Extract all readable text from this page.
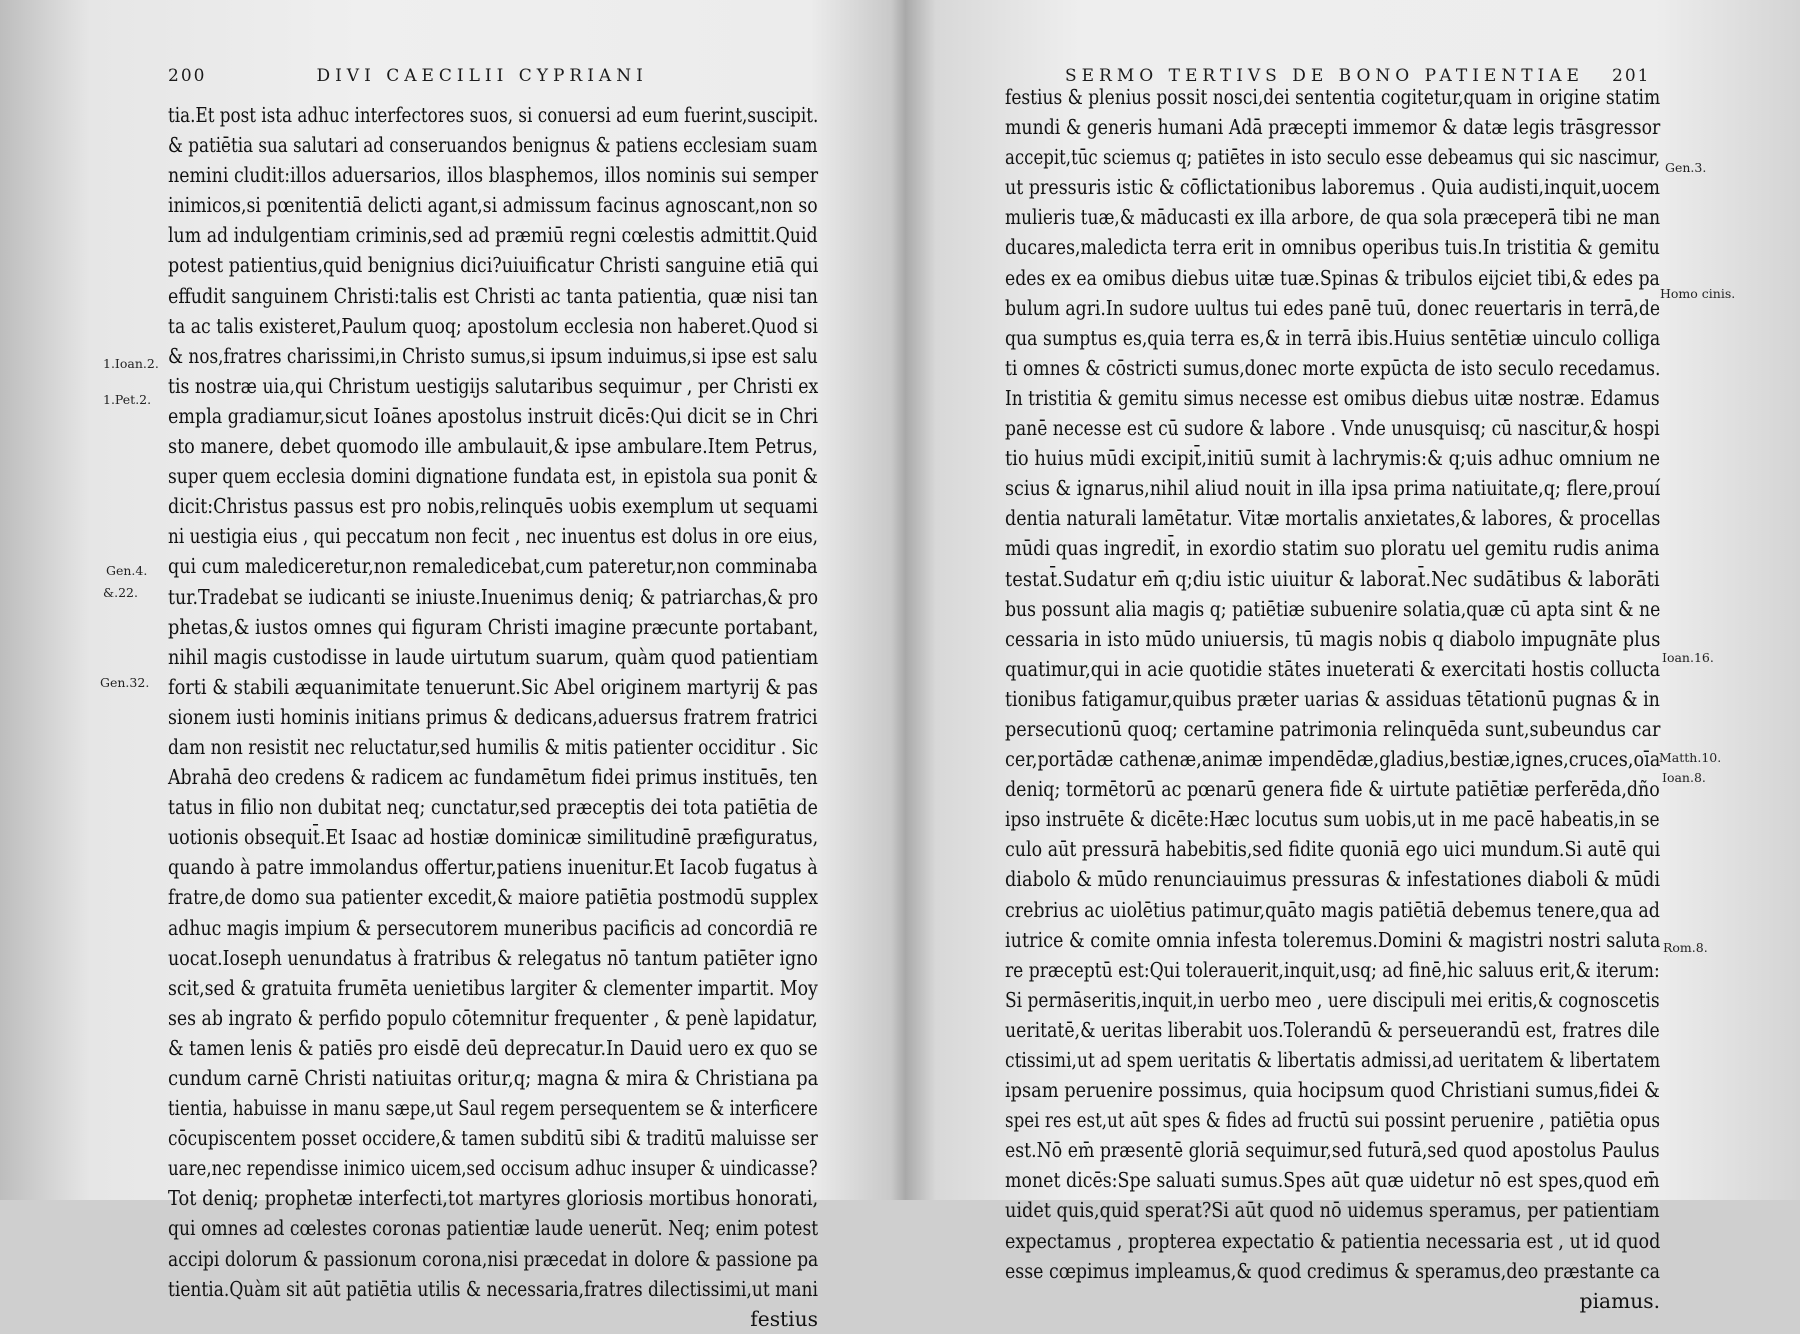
200	DIVI CAECILII CYPRIANI
tia.Et post ista adhuc interfectores suos, si conuersi ad eum fuerint,suscipit.
& patiētia sua salutari ad conseruandos benignus & patiens ecclesiam suam
nemini cludit:illos aduersarios, illos blasphemos, illos nominis sui semper
inimicos,si pœnitentiā delicti agant,si admissum facinus agnoscant,non so
lum ad indulgentiam criminis,sed ad præmiū regni cœlestis admittit.Quid
potest patientius,quid benignius dici?uiuificatur Christi sanguine etiā qui
effudit sanguinem Christi:talis est Christi ac tanta patientia, quæ nisi tan
ta ac talis existeret,Paulum quoq; apostolum ecclesia non haberet.Quod si
& nos,fratres charissimi,in Christo sumus,si ipsum induimus,si ipse est salu
tis nostræ uia,qui Christum uestigijs salutaribus sequimur , per Christi ex
empla gradiamur,sicut Ioānes apostolus instruit dicēs:Qui dicit se in Chri
sto manere, debet quomodo ille ambulauit,& ipse ambulare.Item Petrus,
super quem ecclesia domini dignatione fundata est, in epistola sua ponit &
dicit:Christus passus est pro nobis,relinquēs uobis exemplum ut sequami
ni uestigia eius , qui peccatum non fecit , nec inuentus est dolus in ore eius,
qui cum malediceretur,non remaledicebat,cum pateretur,non comminaba
tur.Tradebat se iudicanti se iniuste.Inuenimus deniq; & patriarchas,& pro
phetas,& iustos omnes qui figuram Christi imagine præcunte portabant,
nihil magis custodisse in laude uirtutum suarum, quàm quod patientiam
forti & stabili æquanimitate tenuerunt.Sic Abel originem martyrij & pas
sionem iusti hominis initians primus & dedicans,aduersus fratrem fratrici
dam non resistit nec reluctatur,sed humilis & mitis patienter occiditur . Sic
Abrahā deo credens & radicem ac fundamētum fidei primus instituēs, ten
tatus in filio non dubitat neq; cunctatur,sed præceptis dei tota patiētia de
uotionis obsequit̄.Et Isaac ad hostiæ dominicæ similitudinē præfiguratus,
quando à patre immolandus offertur,patiens inuenitur.Et Iacob fugatus à
fratre,de domo sua patienter excedit,& maiore patiētia postmodū supplex
adhuc magis impium & persecutorem muneribus pacificis ad concordiā re
uocat.Ioseph uenundatus à fratribus & relegatus nō tantum patiēter igno
scit,sed & gratuita frumēta uenietibus largiter & clementer impartit. Moy
ses ab ingrato & perfido populo cōtemnitur frequenter , & penè lapidatur,
& tamen lenis & patiēs pro eisdē deū deprecatur.In Dauid uero ex quo se
cundum carnē Christi natiuitas oritur,q; magna & mira & Christiana pa
tientia, habuisse in manu sæpe,ut Saul regem persequentem se & interficere
cōcupiscentem posset occidere,& tamen subditū sibi & traditū maluisse ser
uare,nec rependisse inimico uicem,sed occisum adhuc insuper & uindicasse?
Tot deniq; prophetæ interfecti,tot martyres gloriosis mortibus honorati,
qui omnes ad cœlestes coronas patientiæ laude uenerūt. Neq; enim potest
accipi dolorum & passionum corona,nisi præcedat in dolore & passione pa
tientia.Quàm sit aūt patiētia utilis & necessaria,fratres dilectissimi,ut mani
festius
1.Ioan.2.
1.Pet.2.
Gen.4.
&.22.
Gen.32.
SERMO TERTIVS DE BONO PATIENTIAE 201
festius & plenius possit nosci,dei sententia cogitetur,quam in origine statim
mundi & generis humani Adā præcepti immemor & datæ legis trāsgressor
accepit,tūc sciemus q; patiētes in isto seculo esse debeamus qui sic nascimur,
ut pressuris istic & cōflictationibus laboremus . Quia audisti,inquit,uocem
mulieris tuæ,& māducasti ex illa arbore, de qua sola præceperā tibi ne man
ducares,maledicta terra erit in omnibus operibus tuis.In tristitia & gemitu
edes ex ea omibus diebus uitæ tuæ.Spinas & tribulos eijciet tibi,& edes pa
bulum agri.In sudore uultus tui edes panē tuū, donec reuertaris in terrā,de
qua sumptus es,quia terra es,& in terrā ibis.Huius sentētiæ uinculo colliga
ti omnes & cōstricti sumus,donec morte expūcta de isto seculo recedamus.
In tristitia & gemitu simus necesse est omibus diebus uitæ nostræ. Edamus
panē necesse est cū sudore & labore . Vnde unusquisq; cū nascitur,& hospi
tio huius mūdi excipit̄,initiū sumit à lachrymis:& q;uis adhuc omnium ne
scius & ignarus,nihil aliud nouit in illa ipsa prima natiuitate,q; flere,prouí
dentia naturali lamētatur. Vitæ mortalis anxietates,& labores, & procellas
mūdi quas ingredit̄, in exordio statim suo ploratu uel gemitu rudis anima
testat̄.Sudatur em̄ q;diu istic uiuitur & laborat̄.Nec sudātibus & laborāti
bus possunt alia magis q; patiētiæ subuenire solatia,quæ cū apta sint & ne
cessaria in isto mūdo uniuersis, tū magis nobis q diabolo impugnāte plus
quatimur,qui in acie quotidie stātes inueterati & exercitati hostis collucta
tionibus fatigamur,quibus præter uarias & assiduas tētationū pugnas & in
persecutionū quoq; certamine patrimonia relinquēda sunt,subeundus car
cer,portādæ cathenæ,animæ impendēdæ,gladius,bestiæ,ignes,cruces,oīa
deniq; tormētorū ac pœnarū genera fide & uirtute patiētiæ perferēda,dño
ipso instruēte & dicēte:Hæc locutus sum uobis,ut in me pacē habeatis,in se
culo aūt pressurā habebitis,sed fidite quoniā ego uici mundum.Si autē qui
diabolo & mūdo renunciauimus pressuras & infestationes diaboli & mūdi
crebrius ac uiolētius patimur,quāto magis patiētiā debemus tenere,qua ad
iutrice & comite omnia infesta toleremus.Domini & magistri nostri saluta
re præceptū est:Qui tolerauerit,inquit,usq; ad finē,hic saluus erit,& iterum:
Si permāseritis,inquit,in uerbo meo , uere discipuli mei eritis,& cognoscetis
ueritatē,& ueritas liberabit uos.Tolerandū & perseuerandū est, fratres dile
ctissimi,ut ad spem ueritatis & libertatis admissi,ad ueritatem & libertatem
ipsam peruenire possimus, quia hocipsum quod Christiani sumus,fidei &
spei res est,ut aūt spes & fides ad fructū sui possint peruenire , patiētia opus
est.Nō em̄ præsentē gloriā sequimur,sed futurā,sed quod apostolus Paulus
monet dicēs:Spe saluati sumus.Spes aūt quæ uidetur nō est spes,quod em̄
uidet quis,quid sperat?Si aūt quod nō uidemus speramus, per patientiam
expectamus , propterea expectatio & patientia necessaria est , ut id quod
esse cœpimus impleamus,& quod credimus & speramus,deo præstante ca
piamus.
Gen.3.
Homo cinis.
Ioan.16.
Matth.10.
Ioan.8.
Rom.8.
